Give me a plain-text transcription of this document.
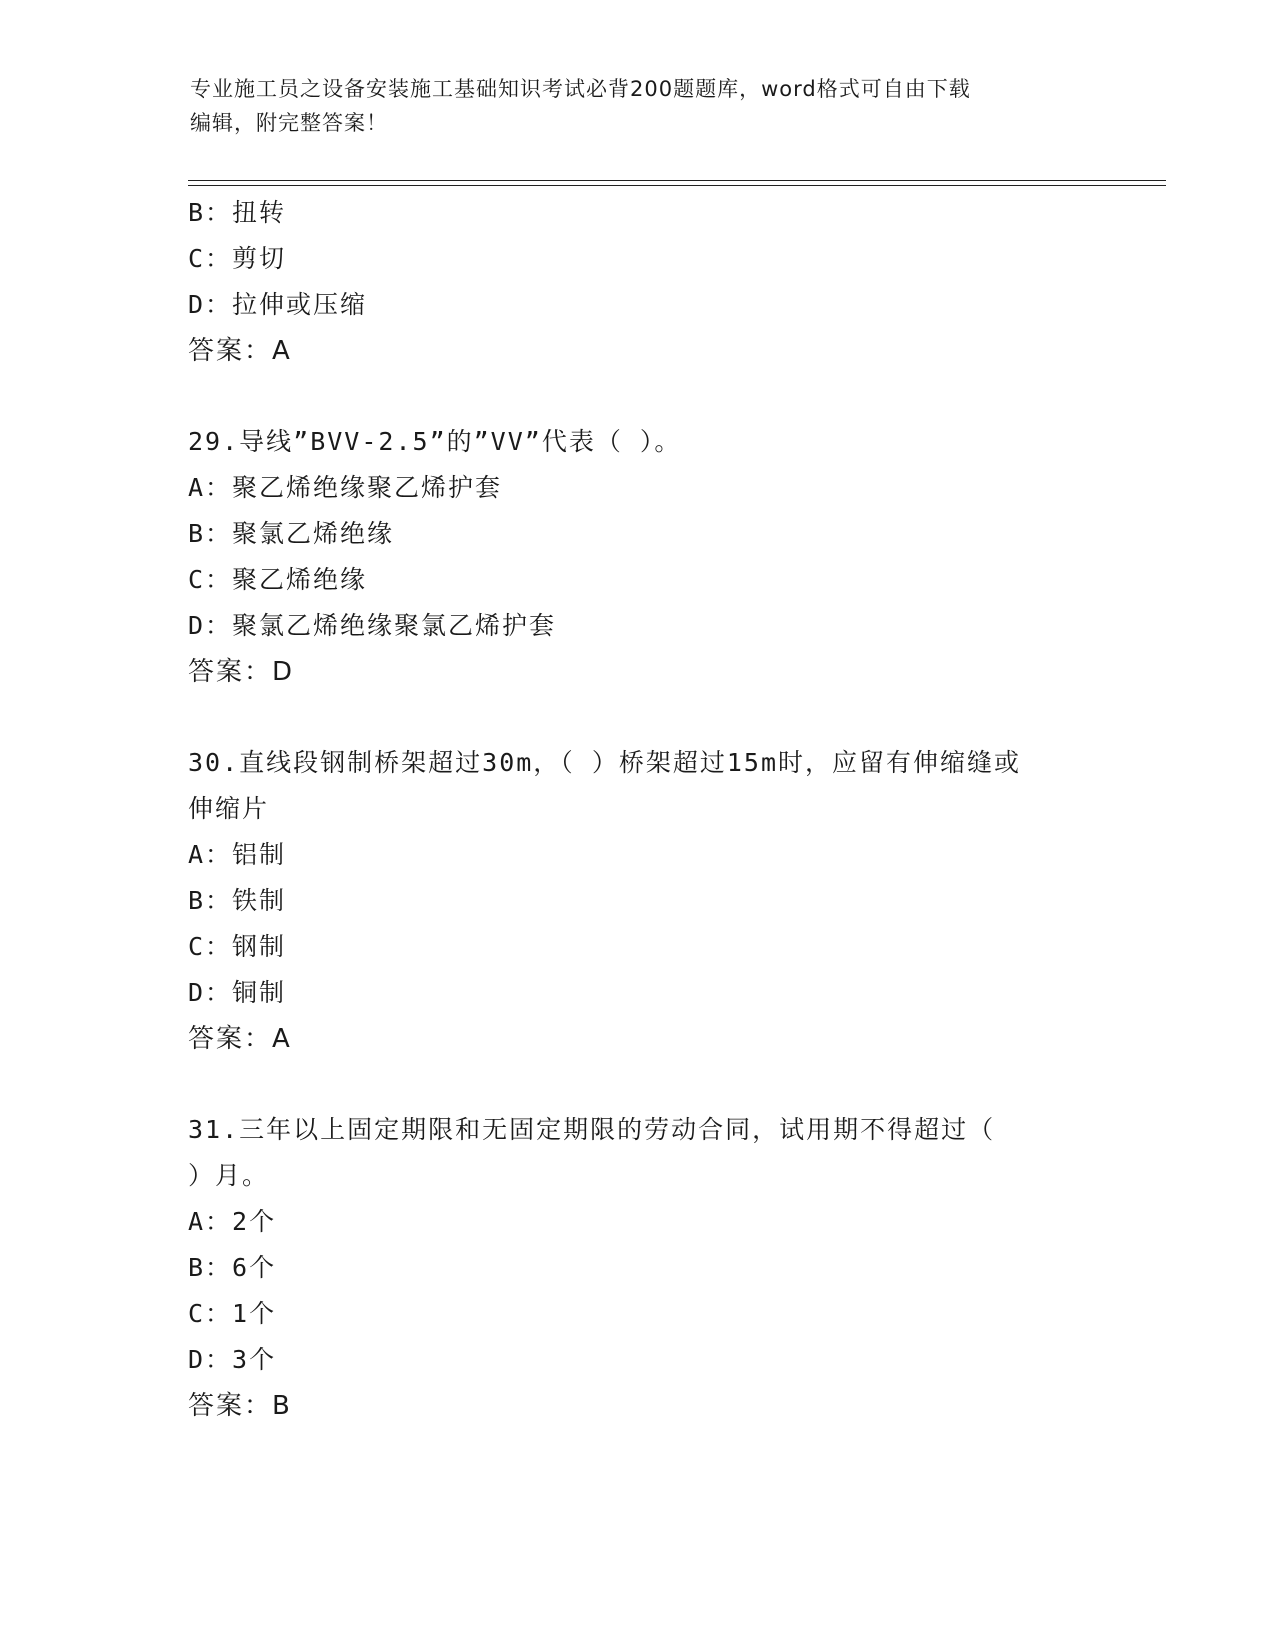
专业施工员之设备安装施工基础知识考试必背200题题库，word格式可自由下载
编辑，附完整答案！
B：扭转
C：剪切
D：拉伸或压缩
答案：A
29.导线”BVV-2.5”的”VV”代表（ ）。
A：聚乙烯绝缘聚乙烯护套
B：聚氯乙烯绝缘
C：聚乙烯绝缘
D：聚氯乙烯绝缘聚氯乙烯护套
答案：D
30.直线段钢制桥架超过30m，（ ）桥架超过15m时，应留有伸缩缝或
伸缩片
A：铝制
B：铁制
C：钢制
D：铜制
答案：A
31.三年以上固定期限和无固定期限的劳动合同，试用期不得超过（
）月。
A：2个
B：6个
C：1个
D：3个
答案：B
